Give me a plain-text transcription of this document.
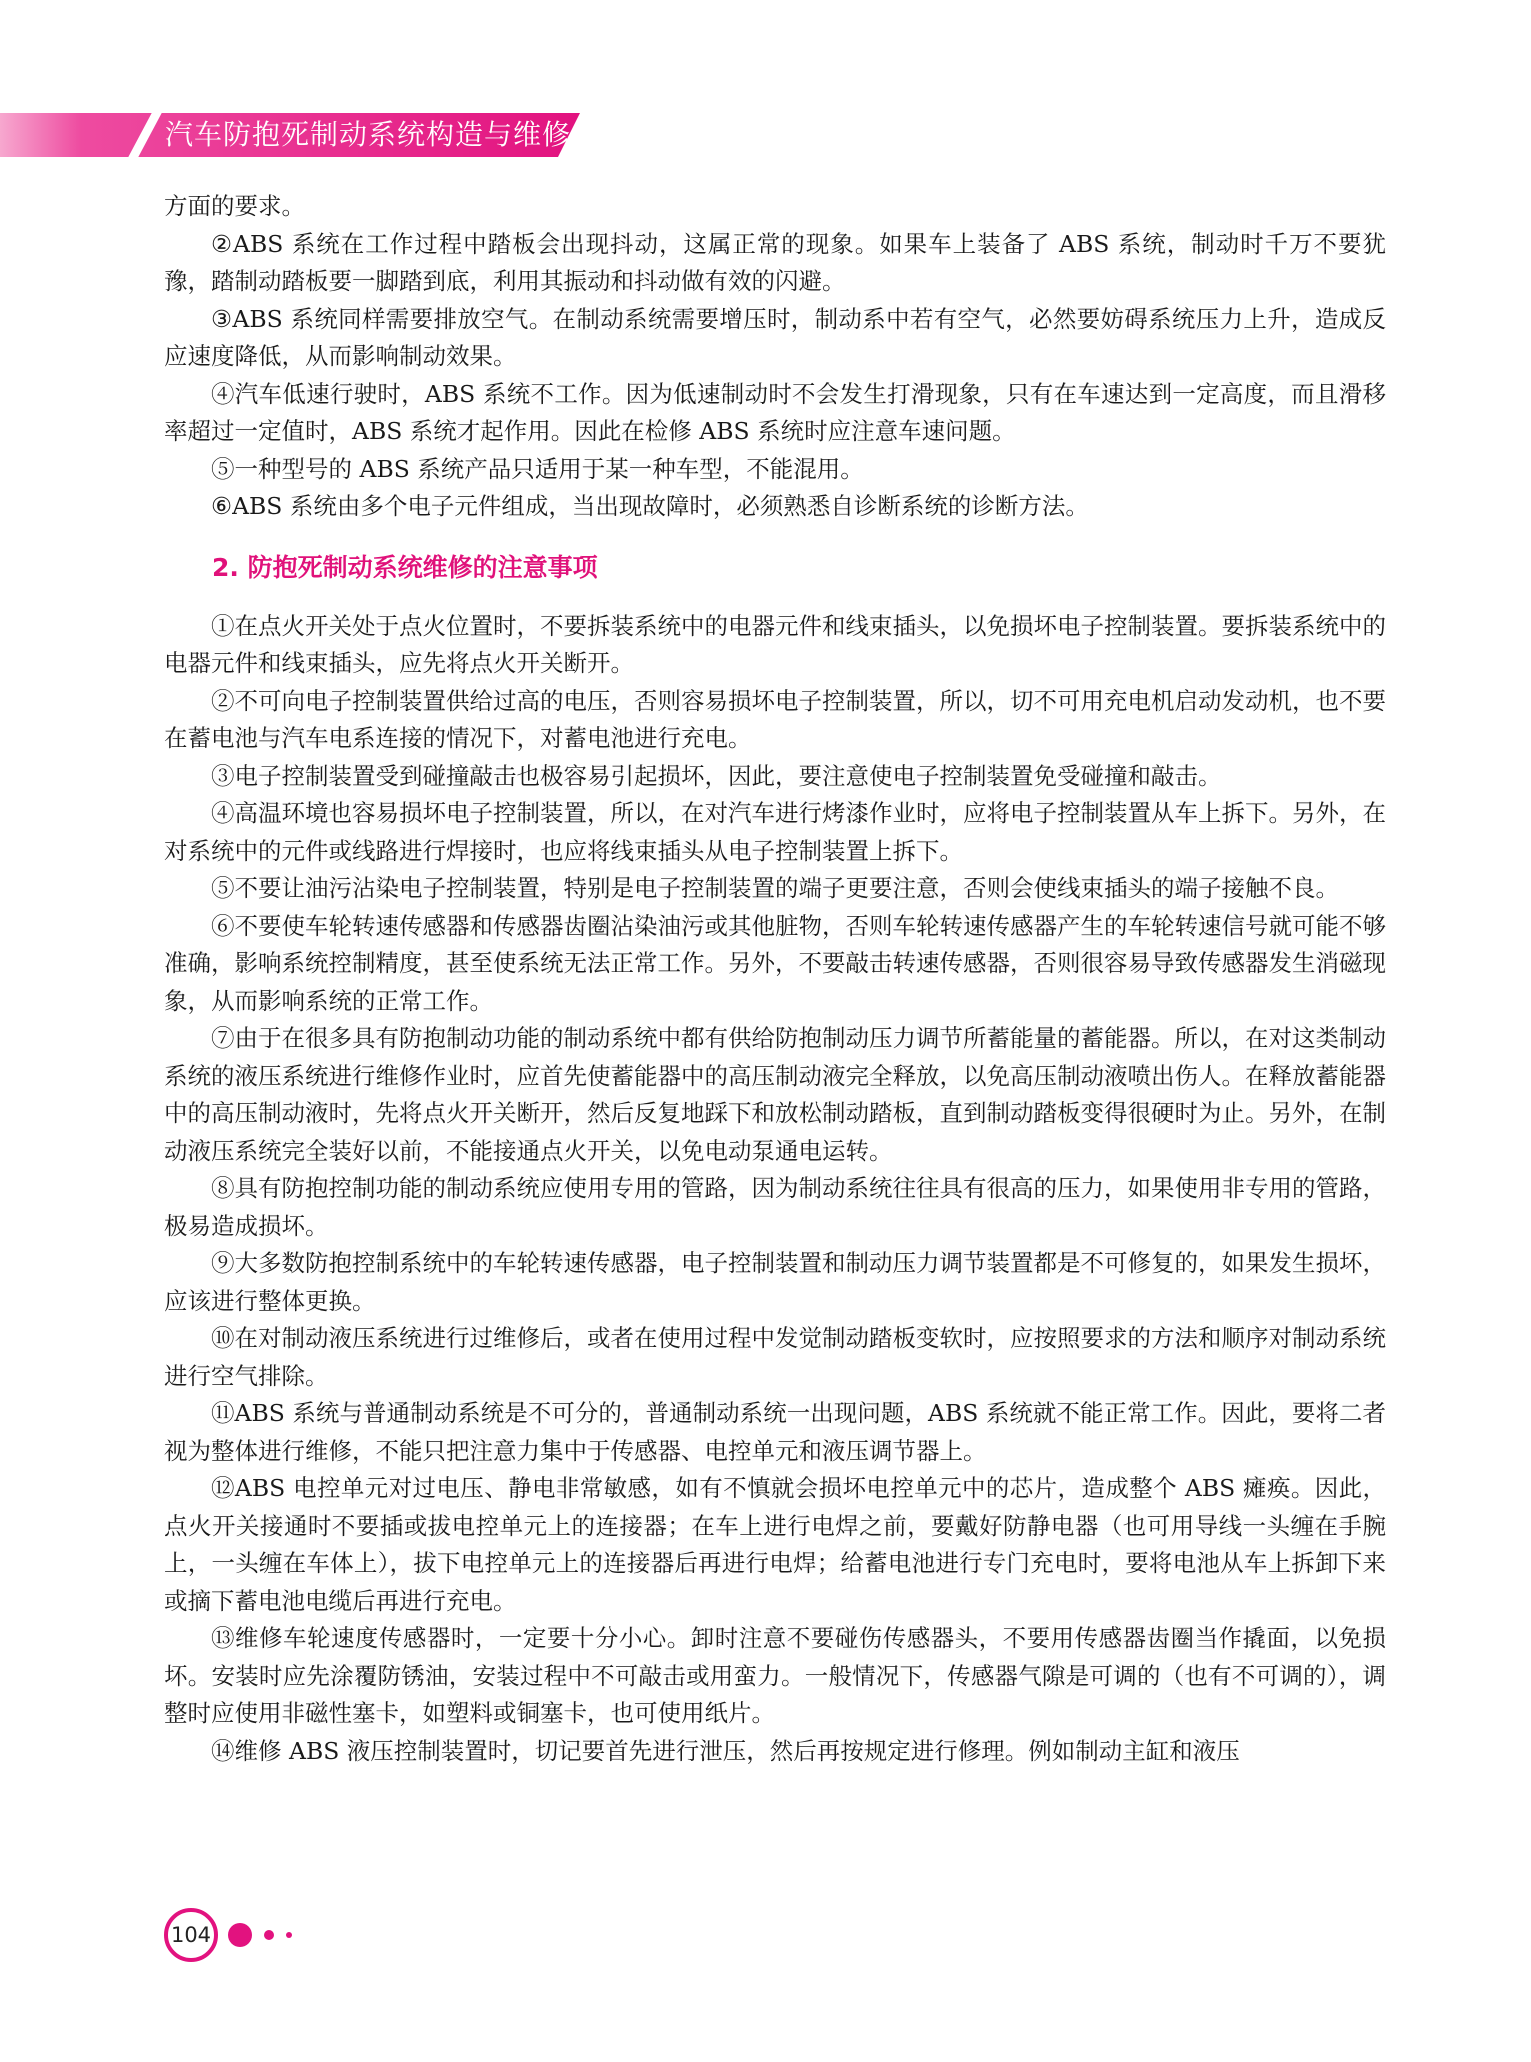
汽车防抱死制动系统构造与维修

方面的要求。

②ABS 系统在工作过程中踏板会出现抖动，这属正常的现象。如果车上装备了 ABS 系统，制动时千万不要犹豫，踏制动踏板要一脚踏到底，利用其振动和抖动做有效的闪避。

③ABS 系统同样需要排放空气。在制动系统需要增压时，制动系中若有空气，必然要妨碍系统压力上升，造成反应速度降低，从而影响制动效果。

④汽车低速行驶时，ABS 系统不工作。因为低速制动时不会发生打滑现象，只有在车速达到一定高度，而且滑移率超过一定值时，ABS 系统才起作用。因此在检修 ABS 系统时应注意车速问题。

⑤一种型号的 ABS 系统产品只适用于某一种车型，不能混用。

⑥ABS 系统由多个电子元件组成，当出现故障时，必须熟悉自诊断系统的诊断方法。

2. 防抱死制动系统维修的注意事项

①在点火开关处于点火位置时，不要拆装系统中的电器元件和线束插头，以免损坏电子控制装置。要拆装系统中的电器元件和线束插头，应先将点火开关断开。

②不可向电子控制装置供给过高的电压，否则容易损坏电子控制装置，所以，切不可用充电机启动发动机，也不要在蓄电池与汽车电系连接的情况下，对蓄电池进行充电。

③电子控制装置受到碰撞敲击也极容易引起损坏，因此，要注意使电子控制装置免受碰撞和敲击。

④高温环境也容易损坏电子控制装置，所以，在对汽车进行烤漆作业时，应将电子控制装置从车上拆下。另外，在对系统中的元件或线路进行焊接时，也应将线束插头从电子控制装置上拆下。

⑤不要让油污沾染电子控制装置，特别是电子控制装置的端子更要注意，否则会使线束插头的端子接触不良。

⑥不要使车轮转速传感器和传感器齿圈沾染油污或其他脏物，否则车轮转速传感器产生的车轮转速信号就可能不够准确，影响系统控制精度，甚至使系统无法正常工作。另外，不要敲击转速传感器，否则很容易导致传感器发生消磁现象，从而影响系统的正常工作。

⑦由于在很多具有防抱制动功能的制动系统中都有供给防抱制动压力调节所蓄能量的蓄能器。所以，在对这类制动系统的液压系统进行维修作业时，应首先使蓄能器中的高压制动液完全释放，以免高压制动液喷出伤人。在释放蓄能器中的高压制动液时，先将点火开关断开，然后反复地踩下和放松制动踏板，直到制动踏板变得很硬时为止。另外，在制动液压系统完全装好以前，不能接通点火开关，以免电动泵通电运转。

⑧具有防抱控制功能的制动系统应使用专用的管路，因为制动系统往往具有很高的压力，如果使用非专用的管路，极易造成损坏。

⑨大多数防抱控制系统中的车轮转速传感器，电子控制装置和制动压力调节装置都是不可修复的，如果发生损坏，应该进行整体更换。

⑩在对制动液压系统进行过维修后，或者在使用过程中发觉制动踏板变软时，应按照要求的方法和顺序对制动系统进行空气排除。

⑪ABS 系统与普通制动系统是不可分的，普通制动系统一出现问题，ABS 系统就不能正常工作。因此，要将二者视为整体进行维修，不能只把注意力集中于传感器、电控单元和液压调节器上。

⑫ABS 电控单元对过电压、静电非常敏感，如有不慎就会损坏电控单元中的芯片，造成整个 ABS 瘫痪。因此，点火开关接通时不要插或拔电控单元上的连接器；在车上进行电焊之前，要戴好防静电器（也可用导线一头缠在手腕上，一头缠在车体上），拔下电控单元上的连接器后再进行电焊；给蓄电池进行专门充电时，要将电池从车上拆卸下来或摘下蓄电池电缆后再进行充电。

⑬维修车轮速度传感器时，一定要十分小心。卸时注意不要碰伤传感器头，不要用传感器齿圈当作撬面，以免损坏。安装时应先涂覆防锈油，安装过程中不可敲击或用蛮力。一般情况下，传感器气隙是可调的（也有不可调的），调整时应使用非磁性塞卡，如塑料或铜塞卡，也可使用纸片。

⑭维修 ABS 液压控制装置时，切记要首先进行泄压，然后再按规定进行修理。例如制动主缸和液压

104
